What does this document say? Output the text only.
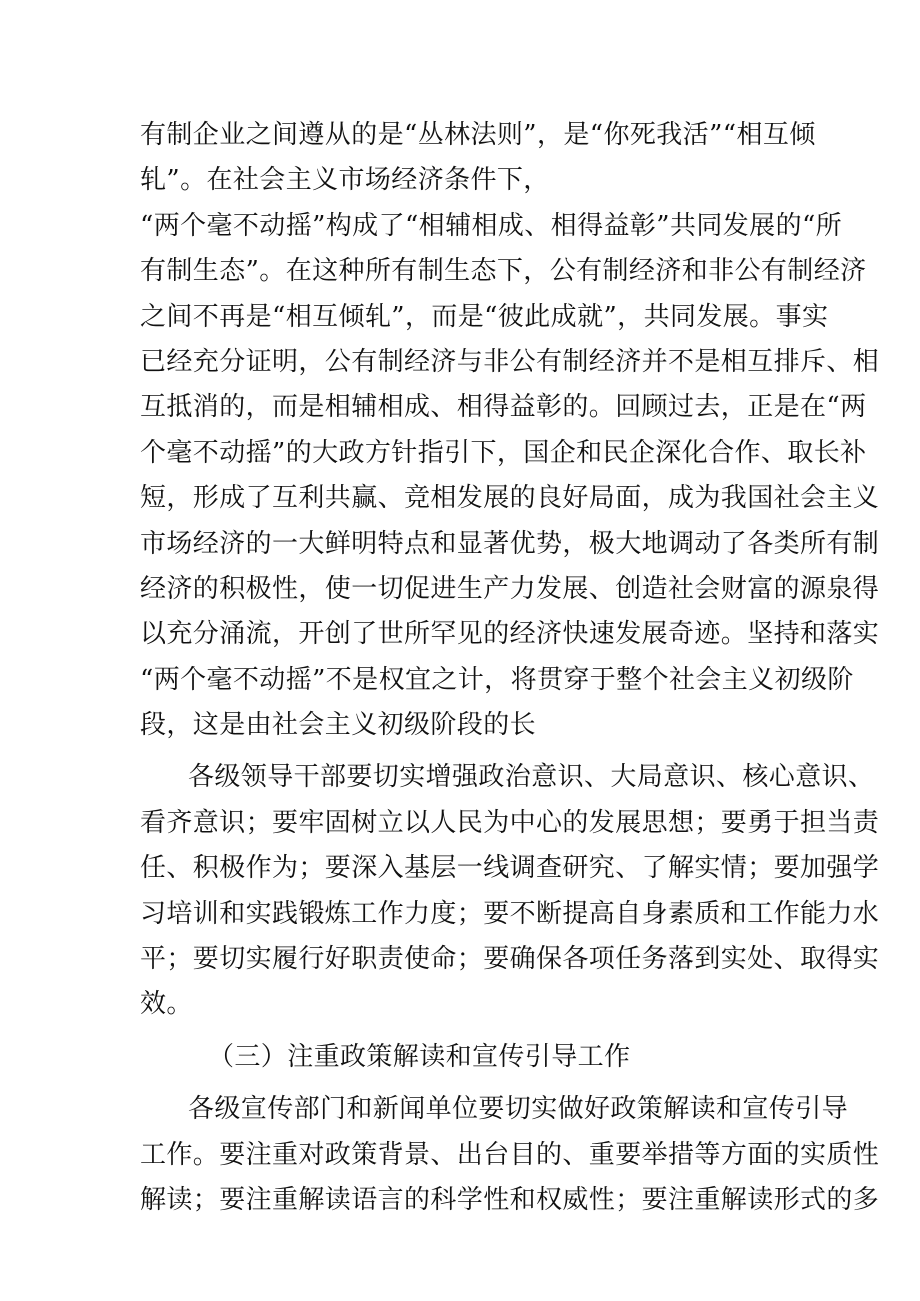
有制企业之间遵从的是“丛林法则”，是“你死我活”“相互倾
轧”。在社会主义市场经济条件下，
“两个毫不动摇”构成了“相辅相成、相得益彰”共同发展的“所
有制生态”。在这种所有制生态下，公有制经济和非公有制经济
之间不再是“相互倾轧”，而是“彼此成就”，共同发展。事实
已经充分证明，公有制经济与非公有制经济并不是相互排斥、相
互抵消的，而是相辅相成、相得益彰的。回顾过去，正是在“两
个毫不动摇”的大政方针指引下，国企和民企深化合作、取长补
短，形成了互利共赢、竞相发展的良好局面，成为我国社会主义
市场经济的一大鲜明特点和显著优势，极大地调动了各类所有制
经济的积极性，使一切促进生产力发展、创造社会财富的源泉得
以充分涌流，开创了世所罕见的经济快速发展奇迹。坚持和落实
“两个毫不动摇”不是权宜之计，将贯穿于整个社会主义初级阶
段，这是由社会主义初级阶段的长
各级领导干部要切实增强政治意识、大局意识、核心意识、
看齐意识；要牢固树立以人民为中心的发展思想；要勇于担当责
任、积极作为；要深入基层一线调查研究、了解实情；要加强学
习培训和实践锻炼工作力度；要不断提高自身素质和工作能力水
平；要切实履行好职责使命；要确保各项任务落到实处、取得实
效。
（三）注重政策解读和宣传引导工作
各级宣传部门和新闻单位要切实做好政策解读和宣传引导
工作。要注重对政策背景、出台目的、重要举措等方面的实质性
解读；要注重解读语言的科学性和权威性；要注重解读形式的多
